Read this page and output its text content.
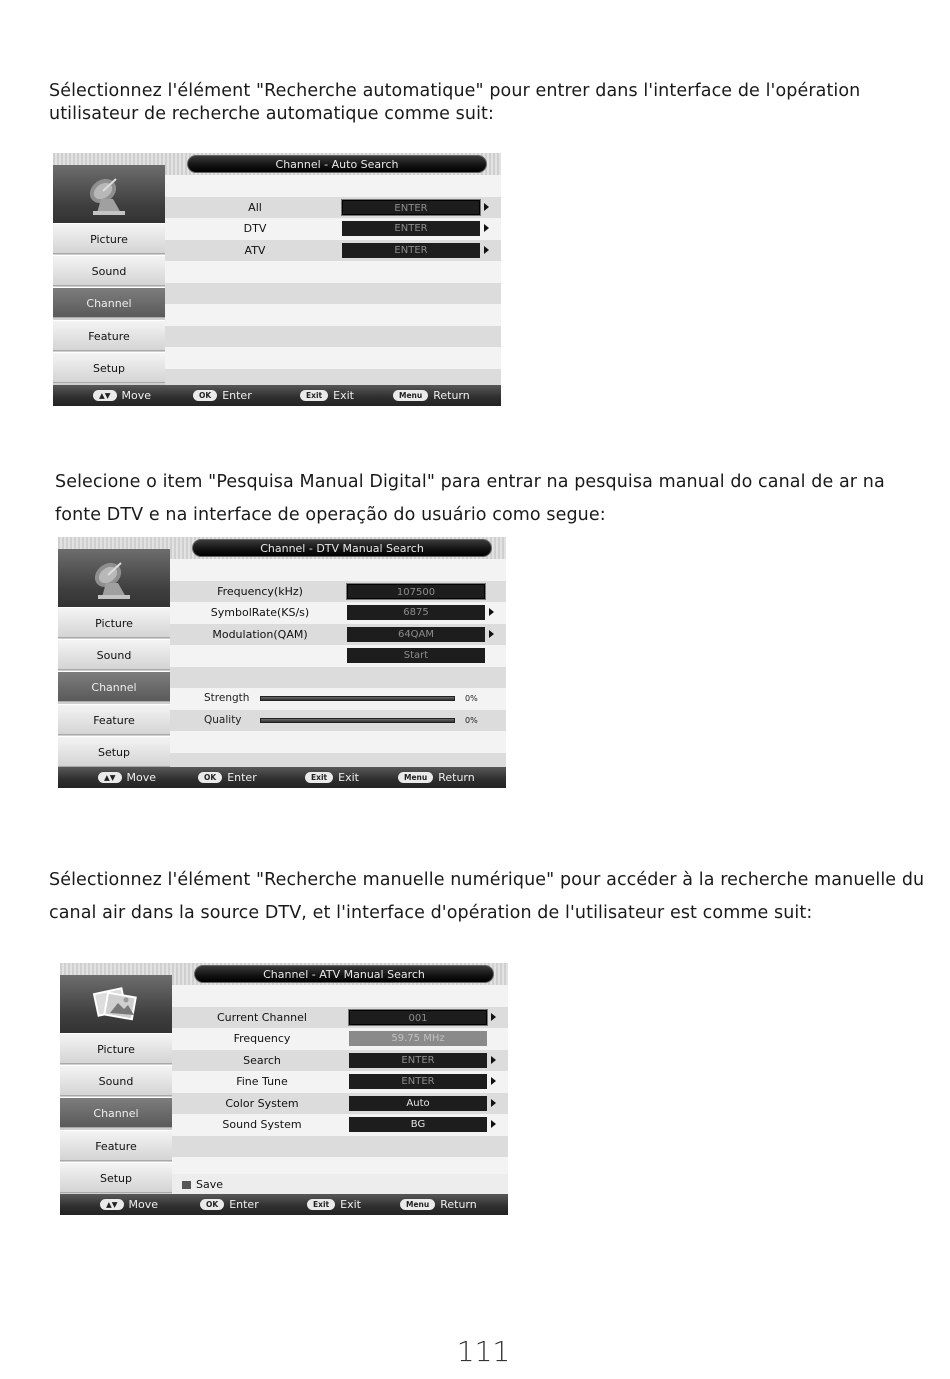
Sélectionnez l'élément "Recherche automatique" pour entrer dans l'interface de l'opération utilisateur de recherche automatique comme suit:

Channel - Auto Search
Picture
Sound
Channel
Feature
Setup
All	ENTER
DTV	ENTER
ATV	ENTER
▲▼ Move	OK Enter	Exit Exit	Menu Return

Selecione o item "Pesquisa Manual Digital" para entrar na pesquisa manual do canal de ar na fonte DTV e na interface de operação do usuário como segue:

Channel - DTV Manual Search
Picture
Sound
Channel
Feature
Setup
Frequency(kHz)	107500
SymbolRate(KS/s)	6875
Modulation(QAM)	64QAM
Start
Strength	0%
Quality	0%
▲▼ Move	OK Enter	Exit Exit	Menu Return

Sélectionnez l'élément "Recherche manuelle numérique" pour accéder à la recherche manuelle du canal air dans la source DTV, et l'interface d'opération de l'utilisateur est comme suit:

Channel - ATV Manual Search
Picture
Sound
Channel
Feature
Setup
Current Channel	001
Frequency	59.75 MHz
Search	ENTER
Fine Tune	ENTER
Color System	Auto
Sound System	BG
Save
▲▼ Move	OK Enter	Exit Exit	Menu Return
111
